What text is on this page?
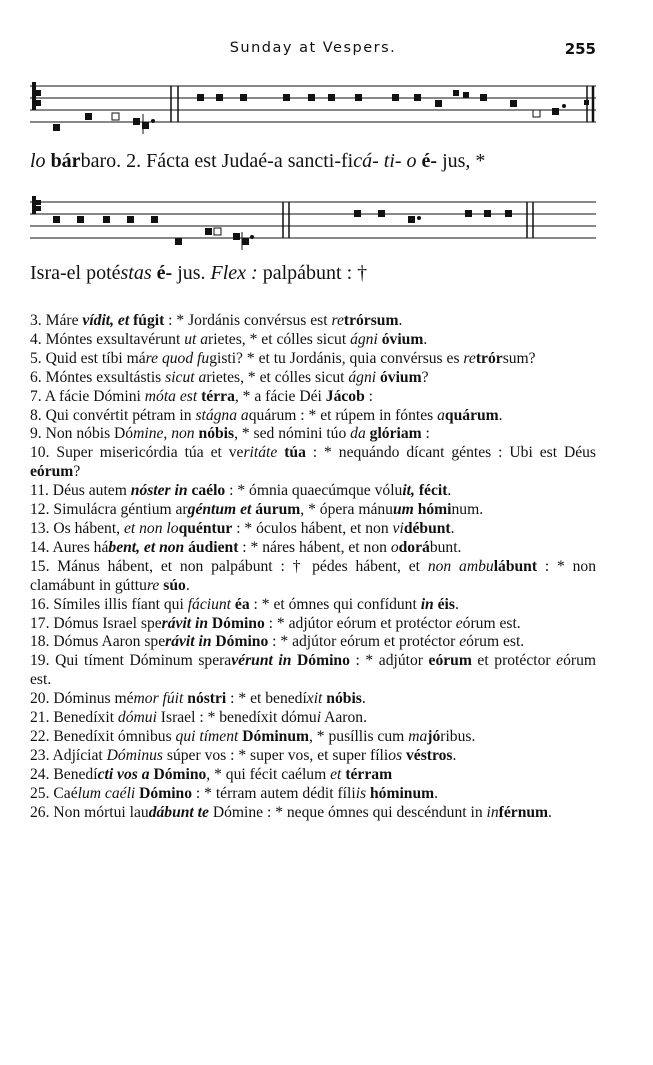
Sunday at Vespers.	255
lo bárbaro. 2. Fácta est Judaé-a sancti-ficá- ti- o é- jus, *
Isra-el potéstas é- jus. Flex : palpábunt : †
3. Máre vídit, et fúgit : * Jordánis convérsus est retrórsum.
4. Móntes exsultavérunt ut arietes, * et cólles sicut ágni óvium.
5. Quid est tíbi máre quod fugisti? * et tu Jordánis, quia convérsus es retrórsum?
6. Móntes exsultástis sicut arietes, * et cólles sicut ágni óvium?
7. A fácie Dómini móta est térra, * a fácie Déi Jácob :
8. Qui convértit pétram in stágna aquárum : * et rúpem in fóntes aquárum.
9. Non nóbis Dómine, non nóbis, * sed nómini túo da glóriam :
10. Super misericórdia túa et veritáte túa : * nequándo dícant géntes : Ubi est Déus eórum?
11. Déus autem nóster in caélo : * ómnia quaecúmque vóluit, fécit.
12. Simulácra géntium argéntum et áurum, * ópera mánuum hóminum.
13. Os hábent, et non loquéntur : * óculos hábent, et non vidébunt.
14. Aures hábent, et non áudient : * náres hábent, et non odorábunt.
15. Mánus hábent, et non palpábunt : † pédes hábent, et non ambulábunt : * non clamábunt in gútture súo.
16. Símiles illis fíant qui fáciunt éa : * et ómnes qui confídunt in éis.
17. Dómus Israel sperávit in Dómino : * adjútor eórum et protéctor eórum est.
18. Dómus Aaron sperávit in Dómino : * adjútor eórum et protéctor eórum est.
19. Qui tíment Dóminum speravérunt in Dómino : * adjútor eórum et protéctor eórum est.
20. Dóminus mémor fúit nóstri : * et benedíxit nóbis.
21. Benedíxit dómui Israel : * benedíxit dómui Aaron.
22. Benedíxit ómnibus qui tíment Dóminum, * pusíllis cum majóribus.
23. Adjíciat Dóminus súper vos : * super vos, et super fílios véstros.
24. Benedícti vos a Dómino, * qui fécit caélum et térram
25. Caélum caéli Dómino : * térram autem dédit fíliis hóminum.
26. Non mórtui laudábunt te Dómine : * neque ómnes qui descéndunt in inférnum.
